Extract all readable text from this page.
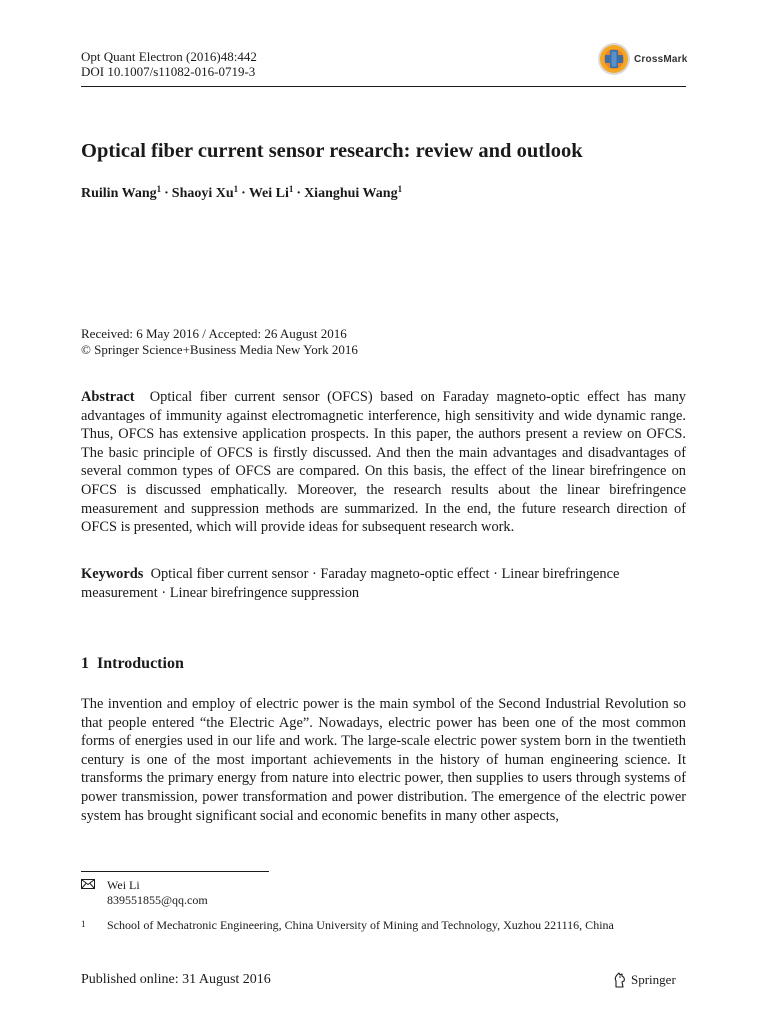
Opt Quant Electron (2016)48:442
DOI 10.1007/s11082-016-0719-3
CrossMark
Optical fiber current sensor research: review and outlook
Ruilin Wang$^1$ · Shaoyi $Xu^1$ · Wei $Li^1$ · Xianghui Wang$^1$
Received: 6 May 2016 / Accepted: 26 August 2016
© Springer Science+Business Media New York 2016

Abstract Optical fiber current sensor (OFCS) based on Faraday magneto-optic effect has many advantages of immunity against electromagnetic interference, high sensitivity and wide dynamic range. Thus, OFCS has extensive application prospects. In this paper, the authors present a review on OFCS. The basic principle of OFCS is firstly discussed. And then the main advantages and disadvantages of several common types of OFCS are compared. On this basis, the effect of the linear birefringence on OFCS is discussed emphatically. Moreover, the research results about the linear birefringence measurement and suppression methods are summarized. In the end, the future research direction of OFCS is presented, which will provide ideas for subsequent research work.

Keywords Optical fiber current sensor · Faraday magneto-optic effect · Linear birefringence measurement · Linear birefringence suppression

1 Introduction

The invention and employ of electric power is the main symbol of the Second Industrial Revolution so that people entered “the Electric Age”. Nowadays, electric power has been one of the most common forms of energies used in our life and work. The large-scale electric power system born in the twentieth century is one of the most important achievements in the history of human engineering science. It transforms the primary energy from nature into electric power, then supplies to users through systems of power transmission, power transformation and power distribution. The emergence of the electric power system has brought significant social and economic benefits in many other aspects,

Wei Li
839551855@qq.com
1	School of Mechatronic Engineering, China University of Mining and Technology, Xuzhou 221116, China
Published online: 31 August 2016	Springer
